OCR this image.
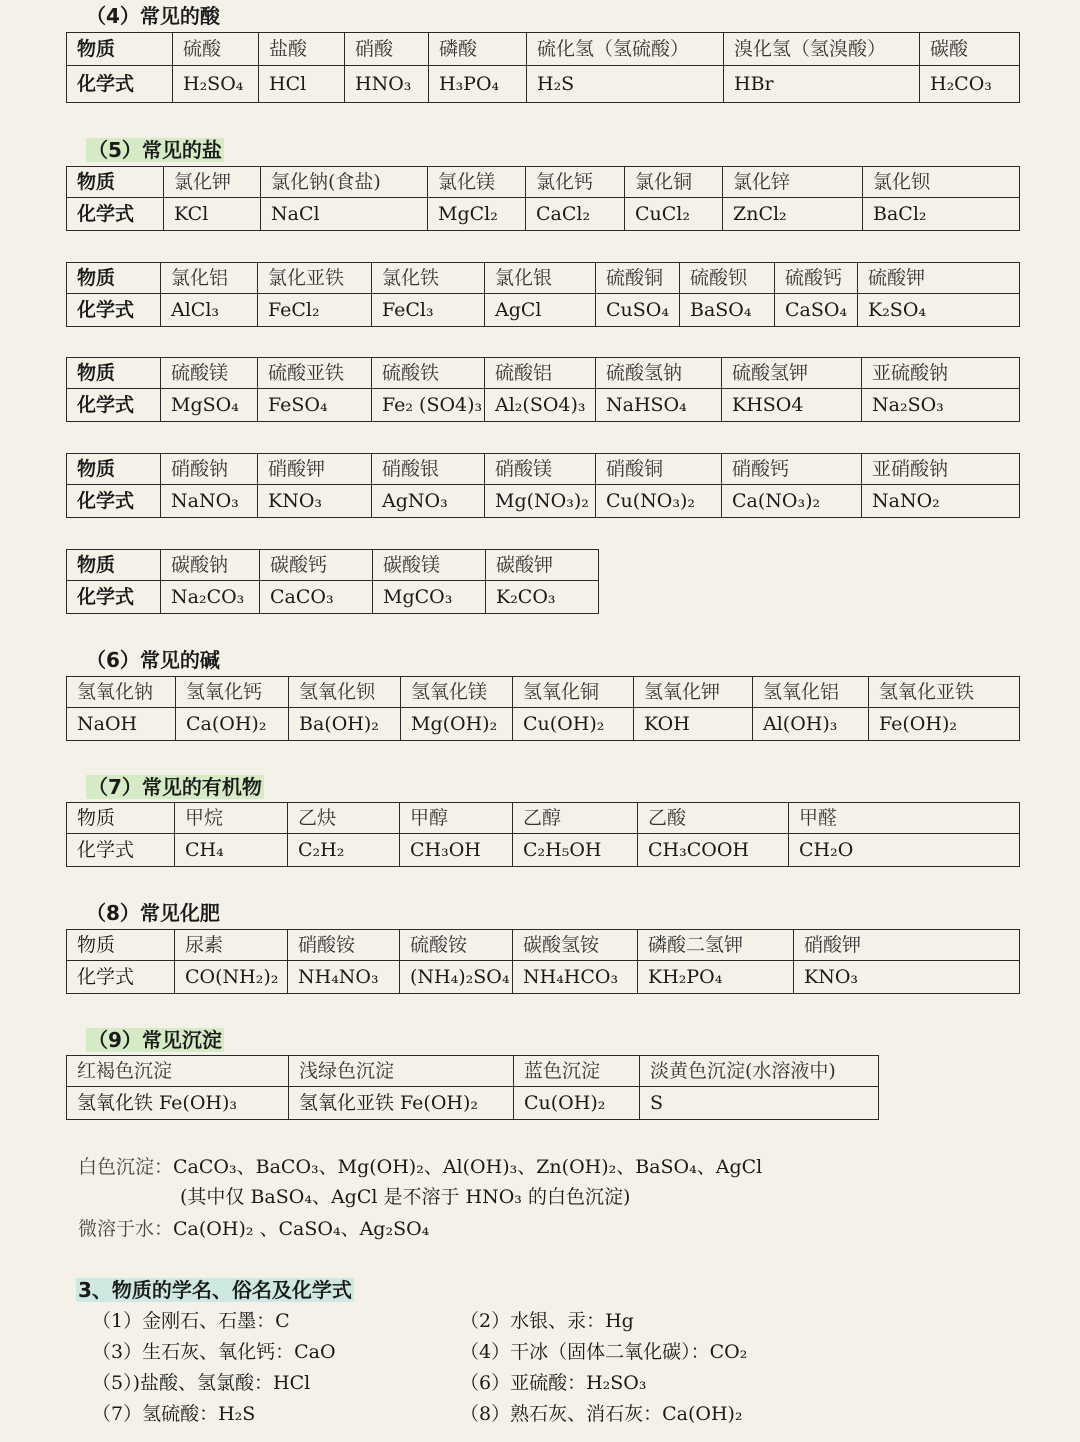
（4）常见的酸
物质	硫酸	盐酸	硝酸	磷酸	硫化氢（氢硫酸）	溴化氢（氢溴酸）	碳酸
化学式	H₂SO₄	HCl	HNO₃	H₃PO₄	H₂S	HBr	H₂CO₃
（5）常见的盐
物质	氯化钾	氯化钠(食盐)	氯化镁	氯化钙	氯化铜	氯化锌	氯化钡
化学式	KCl	NaCl	MgCl₂	CaCl₂	CuCl₂	ZnCl₂	BaCl₂
物质	氯化铝	氯化亚铁	氯化铁	氯化银	硫酸铜	硫酸钡	硫酸钙	硫酸钾
化学式	AlCl₃	FeCl₂	FeCl₃	AgCl	CuSO₄	BaSO₄	CaSO₄	K₂SO₄
物质	硫酸镁	硫酸亚铁	硫酸铁	硫酸铝	硫酸氢钠	硫酸氢钾	亚硫酸钠
化学式	MgSO₄	FeSO₄	Fe₂ (SO4)₃	Al₂(SO4)₃	NaHSO₄	KHSO4	Na₂SO₃
物质	硝酸钠	硝酸钾	硝酸银	硝酸镁	硝酸铜	硝酸钙	亚硝酸钠
化学式	NaNO₃	KNO₃	AgNO₃	Mg(NO₃)₂	Cu(NO₃)₂	Ca(NO₃)₂	NaNO₂
物质	碳酸钠	碳酸钙	碳酸镁	碳酸钾
化学式	Na₂CO₃	CaCO₃	MgCO₃	K₂CO₃
（6）常见的碱
氢氧化钠	氢氧化钙	氢氧化钡	氢氧化镁	氢氧化铜	氢氧化钾	氢氧化铝	氢氧化亚铁
NaOH	Ca(OH)₂	Ba(OH)₂	Mg(OH)₂	Cu(OH)₂	KOH	Al(OH)₃	Fe(OH)₂
（7）常见的有机物
物质	甲烷	乙炔	甲醇	乙醇	乙酸	甲醛
化学式	CH₄	C₂H₂	CH₃OH	C₂H₅OH	CH₃COOH	CH₂O
（8）常见化肥
物质	尿素	硝酸铵	硫酸铵	碳酸氢铵	磷酸二氢钾	硝酸钾
化学式	CO(NH₂)₂	NH₄NO₃	(NH₄)₂SO₄	NH₄HCO₃	KH₂PO₄	KNO₃
（9）常见沉淀
红褐色沉淀	浅绿色沉淀	蓝色沉淀	淡黄色沉淀(水溶液中)
氢氧化铁 Fe(OH)₃	氢氧化亚铁 Fe(OH)₂	Cu(OH)₂	S

白色沉淀：CaCO₃、BaCO₃、Mg(OH)₂、Al(OH)₃、Zn(OH)₂、BaSO₄、AgCl

(其中仅 BaSO₄、AgCl 是不溶于 HNO₃ 的白色沉淀)

微溶于水：Ca(OH)₂ 、CaSO₄、Ag₂SO₄

3、物质的学名、俗名及化学式

（1）金刚石、石墨：C	（2）水银、汞：Hg

（3）生石灰、氧化钙：CaO	（4）干冰（固体二氧化碳）：CO₂

（5）)盐酸、氢氯酸：HCl	（6）亚硫酸：H₂SO₃

（7）氢硫酸：H₂S	（8）熟石灰、消石灰：Ca(OH)₂
